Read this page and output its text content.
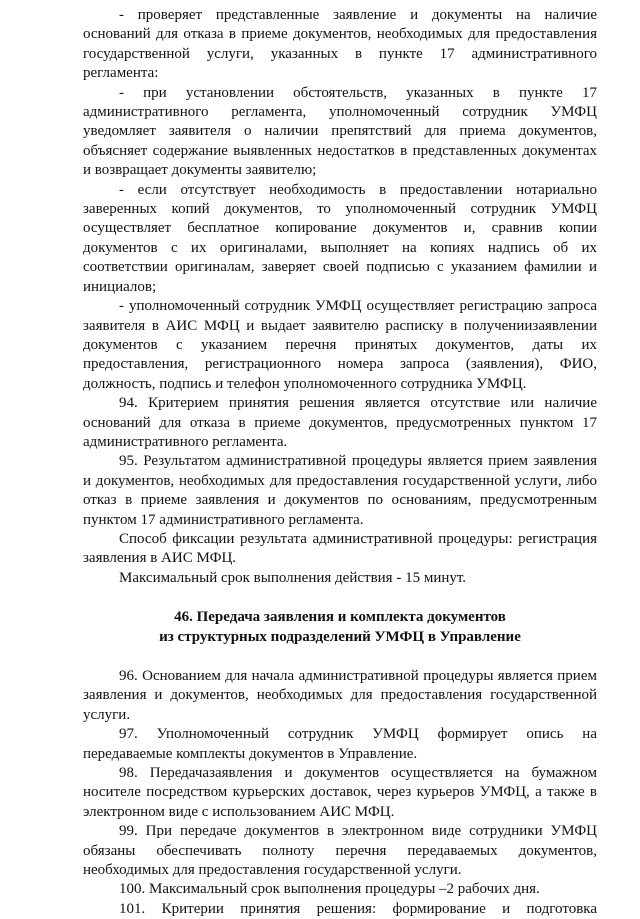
- проверяет представленные заявление и документы на наличие оснований для отказа в приеме документов, необходимых для предоставления государственной услуги, указанных в пункте 17 административного регламента:

- при установлении обстоятельств, указанных в пункте 17 административного регламента, уполномоченный сотрудник УМФЦ уведомляет заявителя о наличии препятствий для приема документов, объясняет содержание выявленных недостатков в представленных документах и возвращает документы заявителю;

- если отсутствует необходимость в предоставлении нотариально заверенных копий документов, то уполномоченный сотрудник УМФЦ осуществляет бесплатное копирование документов и, сравнив копии документов с их оригиналами, выполняет на копиях надпись об их соответствии оригиналам, заверяет своей подписью с указанием фамилии и инициалов;

- уполномоченный сотрудник УМФЦ осуществляет регистрацию запроса заявителя в АИС МФЦ и выдает заявителю расписку в получениизаявлении документов с указанием перечня принятых документов, даты их предоставления, регистрационного номера запроса (заявления), ФИО, должность, подпись и телефон уполномоченного сотрудника УМФЦ.

94. Критерием принятия решения является отсутствие или наличие оснований для отказа в приеме документов, предусмотренных пунктом 17 административного регламента.

95. Результатом административной процедуры является прием заявления и документов, необходимых для предоставления государственной услуги, либо отказ в приеме заявления и документов по основаниям, предусмотренным пунктом 17 административного регламента.

Способ фиксации результата административной процедуры: регистрация заявления в АИС МФЦ.

Максимальный срок выполнения действия - 15 минут.

46. Передача заявления и комплекта документов
из структурных подразделений УМФЦ в Управление

96. Основанием для начала административной процедуры является прием заявления и документов, необходимых для предоставления государственной услуги.

97. Уполномоченный сотрудник УМФЦ формирует опись на передаваемые комплекты документов в Управление.

98. Передачазаявления и документов осуществляется на бумажном носителе посредством курьерских доставок, через курьеров УМФЦ, а также в электронном виде с использованием АИС МФЦ.

99. При передаче документов в электронном виде сотрудники УМФЦ обязаны обеспечивать полноту перечня передаваемых документов, необходимых для предоставления государственной услуги.

100. Максимальный срок выполнения процедуры –2 рабочих дня.

101. Критерии принятия решения: формирование и подготовка
